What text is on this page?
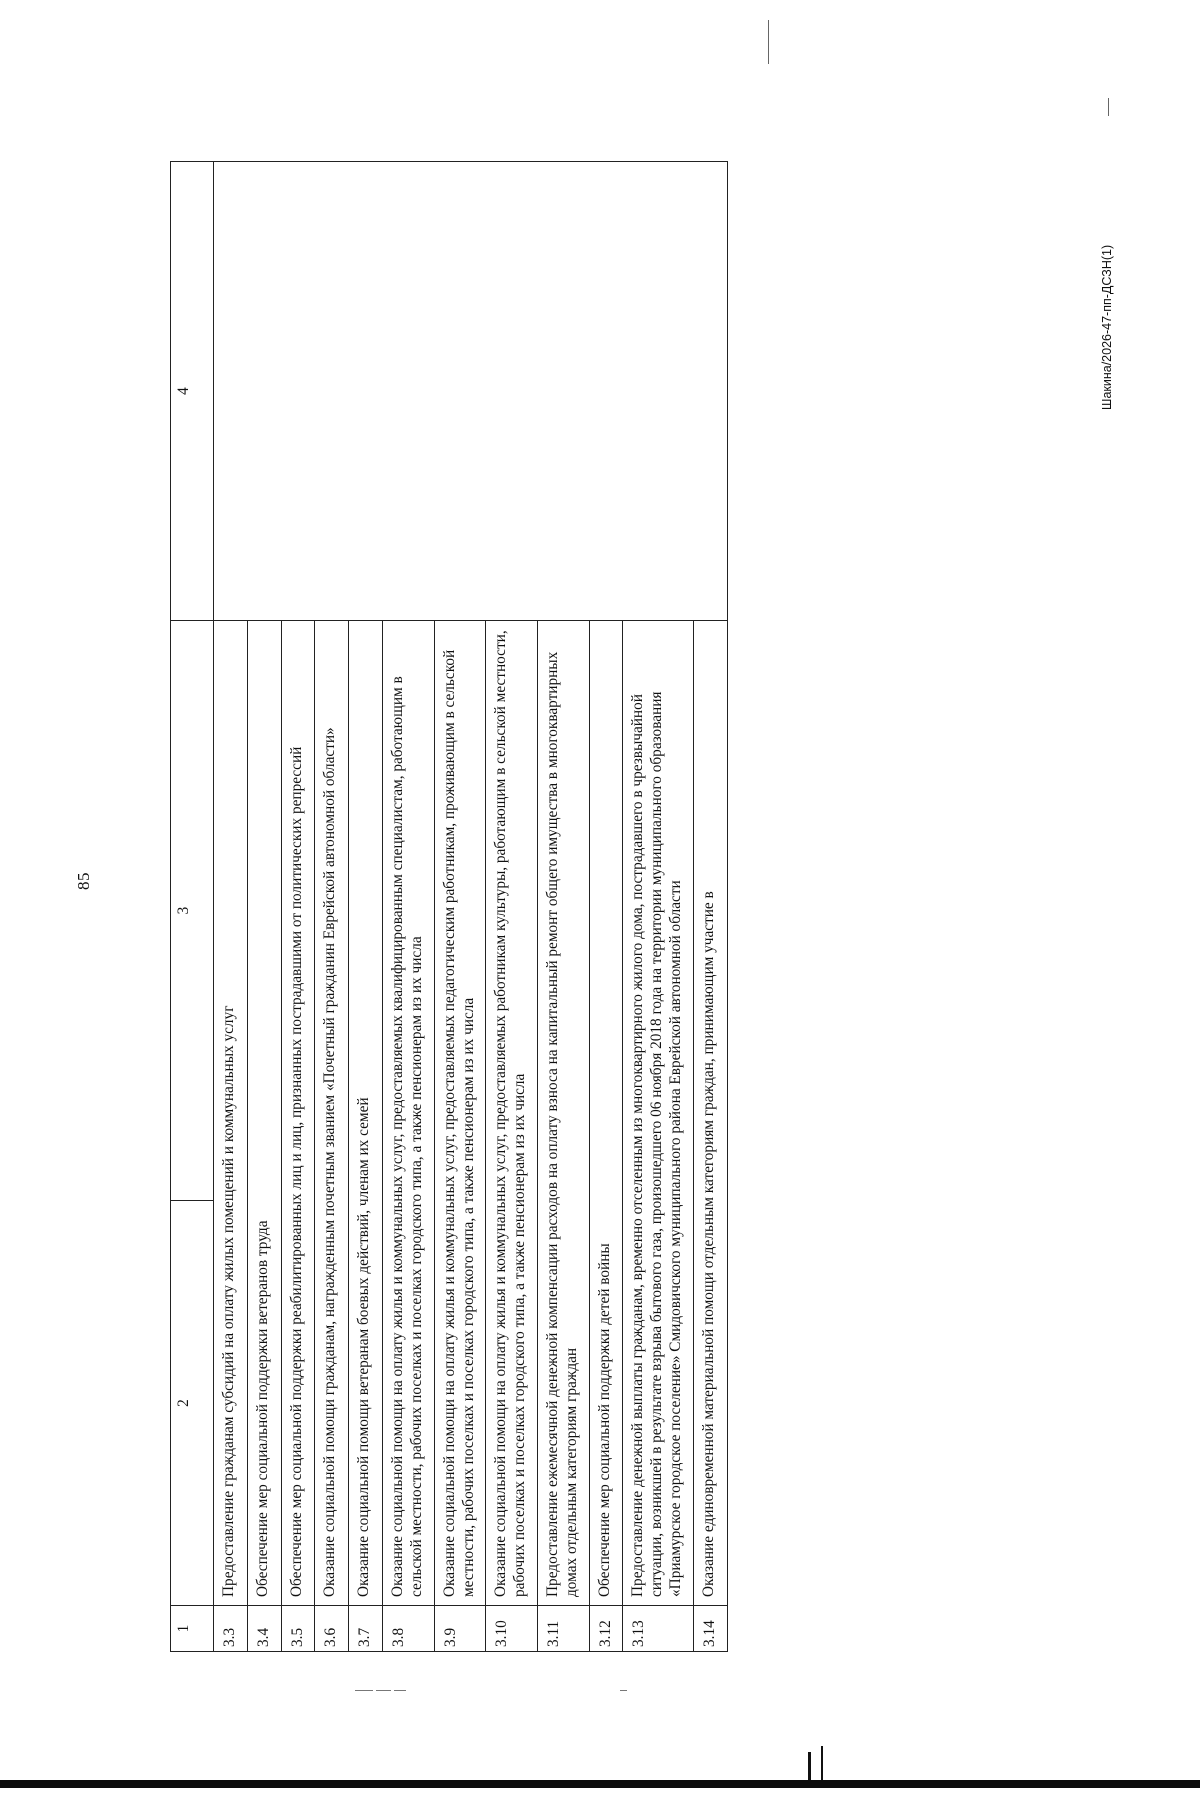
85
1	2	3	4
3.3	Предоставление гражданам субсидий на оплату жилых помещений и коммунальных услуг		
3.4	Обеспечение мер социальной поддержки ветеранов труда		
3.5	Обеспечение мер социальной поддержки реабилитированных лиц и лиц, признанных пострадавшими от политических репрессий		
3.6	Оказание социальной помощи гражданам, награжденным почетным званием «Почетный гражданин Еврейской автономной области»		
3.7	Оказание социальной помощи ветеранам боевых действий, членам их семей		
3.8	Оказание социальной помощи на оплату жилья и коммунальных услуг, предоставляемых квалифицированным специалистам, работающим в сельской местности, рабочих поселках и поселках городского типа, а также пенсионерам из их числа		
3.9	Оказание социальной помощи на оплату жилья и коммунальных услуг, предоставляемых педагогическим работникам, проживающим в сельской местности, рабочих поселках и поселках городского типа, а также пенсионерам из их числа		
3.10	Оказание социальной помощи на оплату жилья и коммунальных услуг, предоставляемых работникам культуры, работающим в сельской местности, рабочих поселках и поселках городского типа, а также пенсионерам из их числа		
3.11	Предоставление ежемесячной денежной компенсации расходов на оплату взноса на капитальный ремонт общего имущества в многоквартирных домах отдельным категориям граждан		
3.12	Обеспечение мер социальной поддержки детей войны		
3.13	Предоставление денежной выплаты гражданам, временно отселенным из многоквартирного жилого дома, пострадавшего в чрезвычайной ситуации, возникшей в результате взрыва бытового газа, произошедшего 06 ноября 2018 года на территории муниципального образования «Приамурское городское поселение» Смидовичского муниципального района Еврейской автономной области		
3.14	Оказание единовременной материальной помощи отдельным категориям граждан, принимающим участие в		
Шакина/2026-47-пп-ДСЗН(1)
